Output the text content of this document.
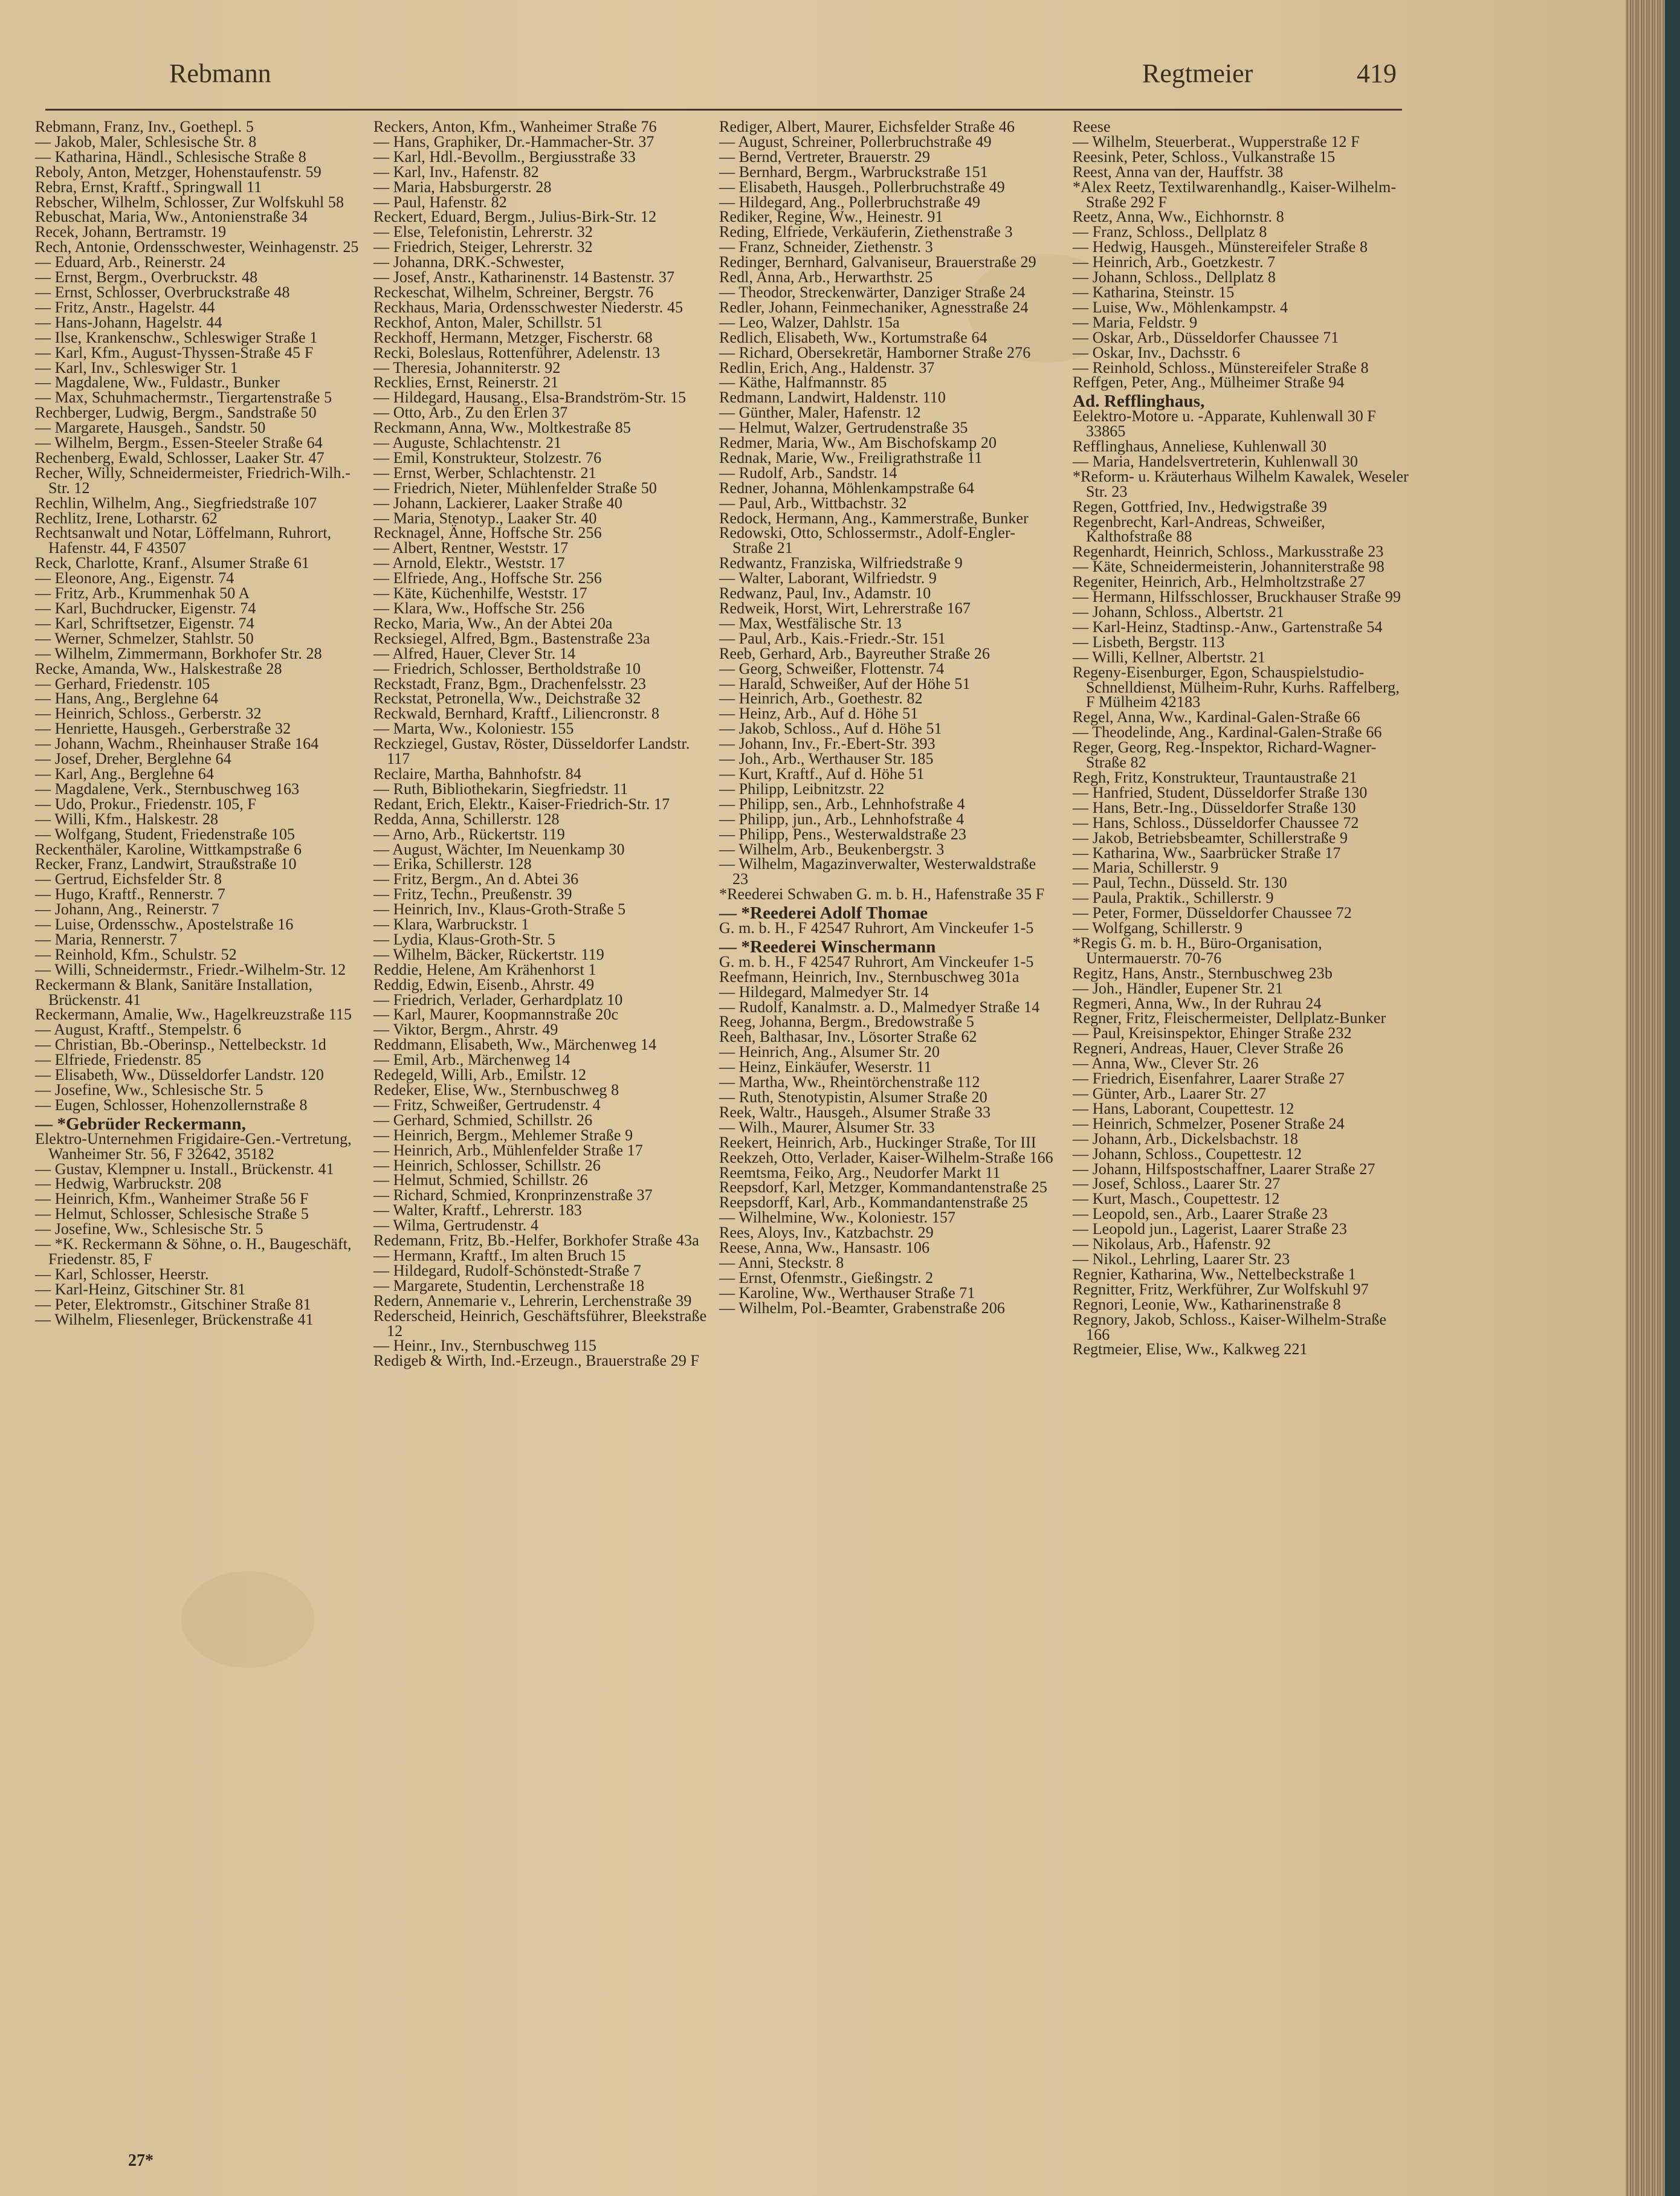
Rebmann	Regtmeier	419

Rebmann, Franz, Inv., Goethepl. 5

— Jakob, Maler, Schlesische Str. 8

— Katharina, Händl., Schlesische Straße 8

Reboly, Anton, Metzger, Hohenstaufenstr. 59

Rebra, Ernst, Kraftf., Springwall 11

Rebscher, Wilhelm, Schlosser, Zur Wolfskuhl 58

Rebuschat, Maria, Ww., Antonienstraße 34

Recek, Johann, Bertramstr. 19

Rech, Antonie, Ordensschwester, Weinhagenstr. 25

— Eduard, Arb., Reinerstr. 24

— Ernst, Bergm., Overbruckstr. 48

— Ernst, Schlosser, Overbruckstraße 48

— Fritz, Anstr., Hagelstr. 44

— Hans-Johann, Hagelstr. 44

— Ilse, Krankenschw., Schleswiger Straße 1

— Karl, Kfm., August-Thyssen-Straße 45 F

— Karl, Inv., Schleswiger Str. 1

— Magdalene, Ww., Fuldastr., Bunker

— Max, Schuhmachermstr., Tiergartenstraße 5

Rechberger, Ludwig, Bergm., Sandstraße 50

— Margarete, Hausgeh., Sandstr. 50

— Wilhelm, Bergm., Essen-Steeler Straße 64

Rechenberg, Ewald, Schlosser, Laaker Str. 47

Recher, Willy, Schneidermeister, Friedrich-Wilh.-Str. 12

Rechlin, Wilhelm, Ang., Siegfriedstraße 107

Rechlitz, Irene, Lotharstr. 62

Rechtsanwalt und Notar, Löffelmann, Ruhrort, Hafenstr. 44, F 43507

Reck, Charlotte, Kranf., Alsumer Straße 61

— Eleonore, Ang., Eigenstr. 74

— Fritz, Arb., Krummenhak 50 A

— Karl, Buchdrucker, Eigenstr. 74

— Karl, Schriftsetzer, Eigenstr. 74

— Werner, Schmelzer, Stahlstr. 50

— Wilhelm, Zimmermann, Borkhofer Str. 28

Recke, Amanda, Ww., Halskestraße 28

— Gerhard, Friedenstr. 105

— Hans, Ang., Berglehne 64

— Heinrich, Schloss., Gerberstr. 32

— Henriette, Hausgeh., Gerberstraße 32

— Johann, Wachm., Rheinhauser Straße 164

— Josef, Dreher, Berglehne 64

— Karl, Ang., Berglehne 64

— Magdalene, Verk., Sternbuschweg 163

— Udo, Prokur., Friedenstr. 105, F

— Willi, Kfm., Halskestr. 28

— Wolfgang, Student, Friedenstraße 105

Reckenthäler, Karoline, Wittkampstraße 6

Recker, Franz, Landwirt, Straußstraße 10

— Gertrud, Eichsfelder Str. 8

— Hugo, Kraftf., Rennerstr. 7

— Johann, Ang., Reinerstr. 7

— Luise, Ordensschw., Apostelstraße 16

— Maria, Rennerstr. 7

— Reinhold, Kfm., Schulstr. 52

— Willi, Schneidermstr., Friedr.-Wilhelm-Str. 12

Reckermann & Blank, Sanitäre Installation, Brückenstr. 41

Reckermann, Amalie, Ww., Hagelkreuzstraße 115

— August, Kraftf., Stempelstr. 6

— Christian, Bb.-Oberinsp., Nettelbeckstr. 1d

— Elfriede, Friedenstr. 85

— Elisabeth, Ww., Düsseldorfer Landstr. 120

— Josefine, Ww., Schlesische Str. 5

— Eugen, Schlosser, Hohenzollernstraße 8

— *Gebrüder Reckermann,

Elektro-Unternehmen Frigidaire-Gen.-Vertretung, Wanheimer Str. 56, F 32642, 35182

— Gustav, Klempner u. Install., Brückenstr. 41

— Hedwig, Warbruckstr. 208

— Heinrich, Kfm., Wanheimer Straße 56 F

— Helmut, Schlosser, Schlesische Straße 5

— Josefine, Ww., Schlesische Str. 5

— *K. Reckermann & Söhne, o. H., Baugeschäft, Friedenstr. 85, F

— Karl, Schlosser, Heerstr.

— Karl-Heinz, Gitschiner Str. 81

— Peter, Elektromstr., Gitschiner Straße 81

— Wilhelm, Fliesenleger, Brückenstraße 41

Reckers, Anton, Kfm., Wanheimer Straße 76

— Hans, Graphiker, Dr.-Hammacher-Str. 37

— Karl, Hdl.-Bevollm., Bergiusstraße 33

— Karl, Inv., Hafenstr. 82

— Maria, Habsburgerstr. 28

— Paul, Hafenstr. 82

Reckert, Eduard, Bergm., Julius-Birk-Str. 12

— Else, Telefonistin, Lehrerstr. 32

— Friedrich, Steiger, Lehrerstr. 32

— Johanna, DRK.-Schwester,

— Josef, Anstr., Katharinenstr. 14 Bastenstr. 37

Reckeschat, Wilhelm, Schreiner, Bergstr. 76

Reckhaus, Maria, Ordensschwester Niederstr. 45

Reckhof, Anton, Maler, Schillstr. 51

Reckhoff, Hermann, Metzger, Fischerstr. 68

Recki, Boleslaus, Rottenführer, Adelenstr. 13

— Theresia, Johanniterstr. 92

Recklies, Ernst, Reinerstr. 21

— Hildegard, Hausang., Elsa-Brandström-Str. 15

— Otto, Arb., Zu den Erlen 37

Reckmann, Anna, Ww., Moltkestraße 85

— Auguste, Schlachtenstr. 21

— Emil, Konstrukteur, Stolzestr. 76

— Ernst, Werber, Schlachtenstr. 21

— Friedrich, Nieter, Mühlenfelder Straße 50

— Johann, Lackierer, Laaker Straße 40

— Maria, Stenotyp., Laaker Str. 40

Recknagel, Änne, Hoffsche Str. 256

— Albert, Rentner, Weststr. 17

— Arnold, Elektr., Weststr. 17

— Elfriede, Ang., Hoffsche Str. 256

— Käte, Küchenhilfe, Weststr. 17

— Klara, Ww., Hoffsche Str. 256

Recko, Maria, Ww., An der Abtei 20a

Recksiegel, Alfred, Bgm., Bastenstraße 23a

— Alfred, Hauer, Clever Str. 14

— Friedrich, Schlosser, Bertholdstraße 10

Reckstadt, Franz, Bgm., Drachenfelsstr. 23

Reckstat, Petronella, Ww., Deichstraße 32

Reckwald, Bernhard, Kraftf., Liliencronstr. 8

— Marta, Ww., Koloniestr. 155

Reckziegel, Gustav, Röster, Düsseldorfer Landstr. 117

Reclaire, Martha, Bahnhofstr. 84

— Ruth, Bibliothekarin, Siegfriedstr. 11

Redant, Erich, Elektr., Kaiser-Friedrich-Str. 17

Redda, Anna, Schillerstr. 128

— Arno, Arb., Rückertstr. 119

— August, Wächter, Im Neuenkamp 30

— Erika, Schillerstr. 128

— Fritz, Bergm., An d. Abtei 36

— Fritz, Techn., Preußenstr. 39

— Heinrich, Inv., Klaus-Groth-Straße 5

— Klara, Warbruckstr. 1

— Lydia, Klaus-Groth-Str. 5

— Wilhelm, Bäcker, Rückertstr. 119

Reddie, Helene, Am Krähenhorst 1

Reddig, Edwin, Eisenb., Ahrstr. 49

— Friedrich, Verlader, Gerhardplatz 10

— Karl, Maurer, Koopmannstraße 20c

— Viktor, Bergm., Ahrstr. 49

Reddmann, Elisabeth, Ww., Märchenweg 14

— Emil, Arb., Märchenweg 14

Redegeld, Willi, Arb., Emilstr. 12

Redeker, Elise, Ww., Sternbuschweg 8

— Fritz, Schweißer, Gertrudenstr. 4

— Gerhard, Schmied, Schillstr. 26

— Heinrich, Bergm., Mehlemer Straße 9

— Heinrich, Arb., Mühlenfelder Straße 17

— Heinrich, Schlosser, Schillstr. 26

— Helmut, Schmied, Schillstr. 26

— Richard, Schmied, Kronprinzenstraße 37

— Walter, Kraftf., Lehrerstr. 183

— Wilma, Gertrudenstr. 4

Redemann, Fritz, Bb.-Helfer, Borkhofer Straße 43a

— Hermann, Kraftf., Im alten Bruch 15

— Hildegard, Rudolf-Schönstedt-Straße 7

— Margarete, Studentin, Lerchenstraße 18

Redern, Annemarie v., Lehrerin, Lerchenstraße 39

Rederscheid, Heinrich, Geschäftsführer, Bleekstraße 12

— Heinr., Inv., Sternbuschweg 115

Redigeb & Wirth, Ind.-Erzeugn., Brauerstraße 29 F

Rediger, Albert, Maurer, Eichsfelder Straße 46

— August, Schreiner, Pollerbruchstraße 49

— Bernd, Vertreter, Brauerstr. 29

— Bernhard, Bergm., Warbruckstraße 151

— Elisabeth, Hausgeh., Pollerbruchstraße 49

— Hildegard, Ang., Pollerbruchstraße 49

Rediker, Regine, Ww., Heinestr. 91

Reding, Elfriede, Verkäuferin, Ziethenstraße 3

— Franz, Schneider, Ziethenstr. 3

Redinger, Bernhard, Galvaniseur, Brauerstraße 29

Redl, Anna, Arb., Herwarthstr. 25

— Theodor, Streckenwärter, Danziger Straße 24

Redler, Johann, Feinmechaniker, Agnesstraße 24

— Leo, Walzer, Dahlstr. 15a

Redlich, Elisabeth, Ww., Kortumstraße 64

— Richard, Obersekretär, Hamborner Straße 276

Redlin, Erich, Ang., Haldenstr. 37

— Käthe, Halfmannstr. 85

Redmann, Landwirt, Haldenstr. 110

— Günther, Maler, Hafenstr. 12

— Helmut, Walzer, Gertrudenstraße 35

Redmer, Maria, Ww., Am Bischofskamp 20

Rednak, Marie, Ww., Freiligrathstraße 11

— Rudolf, Arb., Sandstr. 14

Redner, Johanna, Möhlenkampstraße 64

— Paul, Arb., Wittbachstr. 32

Redock, Hermann, Ang., Kammerstraße, Bunker

Redowski, Otto, Schlossermstr., Adolf-Engler-Straße 21

Redwantz, Franziska, Wilfriedstraße 9

— Walter, Laborant, Wilfriedstr. 9

Redwanz, Paul, Inv., Adamstr. 10

Redweik, Horst, Wirt, Lehrerstraße 167

— Max, Westfälische Str. 13

— Paul, Arb., Kais.-Friedr.-Str. 151

Reeb, Gerhard, Arb., Bayreuther Straße 26

— Georg, Schweißer, Flottenstr. 74

— Harald, Schweißer, Auf der Höhe 51

— Heinrich, Arb., Goethestr. 82

— Heinz, Arb., Auf d. Höhe 51

— Jakob, Schloss., Auf d. Höhe 51

— Johann, Inv., Fr.-Ebert-Str. 393

— Joh., Arb., Werthauser Str. 185

— Kurt, Kraftf., Auf d. Höhe 51

— Philipp, Leibnitzstr. 22

— Philipp, sen., Arb., Lehnhofstraße 4

— Philipp, jun., Arb., Lehnhofstraße 4

— Philipp, Pens., Westerwaldstraße 23

— Wilhelm, Arb., Beukenbergstr. 3

— Wilhelm, Magazinverwalter, Westerwaldstraße 23

*Reederei Schwaben G. m. b. H., Hafenstraße 35 F

— *Reederei Adolf Thomae

G. m. b. H., F 42547 Ruhrort, Am Vinckeufer 1-5

— *Reederei Winschermann

G. m. b. H., F 42547 Ruhrort, Am Vinckeufer 1-5

Reefmann, Heinrich, Inv., Sternbuschweg 301a

— Hildegard, Malmedyer Str. 14

— Rudolf, Kanalmstr. a. D., Malmedyer Straße 14

Reeg, Johanna, Bergm., Bredowstraße 5

Reeh, Balthasar, Inv., Lösorter Straße 62

— Heinrich, Ang., Alsumer Str. 20

— Heinz, Einkäufer, Weserstr. 11

— Martha, Ww., Rheintörchenstraße 112

— Ruth, Stenotypistin, Alsumer Straße 20

Reek, Waltr., Hausgeh., Alsumer Straße 33

— Wilh., Maurer, Alsumer Str. 33

Reekert, Heinrich, Arb., Huckinger Straße, Tor III

Reekzeh, Otto, Verlader, Kaiser-Wilhelm-Straße 166

Reemtsma, Feiko, Arg., Neudorfer Markt 11

Reepsdorf, Karl, Metzger, Kommandantenstraße 25

Reepsdorff, Karl, Arb., Kommandantenstraße 25

— Wilhelmine, Ww., Koloniestr. 157

Rees, Aloys, Inv., Katzbachstr. 29

Reese, Anna, Ww., Hansastr. 106

— Anni, Steckstr. 8

— Ernst, Ofenmstr., Gießingstr. 2

— Karoline, Ww., Werthauser Straße 71

— Wilhelm, Pol.-Beamter, Grabenstraße 206

Reese

— Wilhelm, Steuerberat., Wupperstraße 12 F

Reesink, Peter, Schloss., Vulkanstraße 15

Reest, Anna van der, Hauffstr. 38

*Alex Reetz, Textilwarenhandlg., Kaiser-Wilhelm-Straße 292 F

Reetz, Anna, Ww., Eichhornstr. 8

— Franz, Schloss., Dellplatz 8

— Hedwig, Hausgeh., Münstereifeler Straße 8

— Heinrich, Arb., Goetzkestr. 7

— Johann, Schloss., Dellplatz 8

— Katharina, Steinstr. 15

— Luise, Ww., Möhlenkampstr. 4

— Maria, Feldstr. 9

— Oskar, Arb., Düsseldorfer Chaussee 71

— Oskar, Inv., Dachsstr. 6

— Reinhold, Schloss., Münstereifeler Straße 8

Reffgen, Peter, Ang., Mülheimer Straße 94

Ad. Refflinghaus,

Eelektro-Motore u. -Apparate, Kuhlenwall 30 F 33865

Refflinghaus, Anneliese, Kuhlenwall 30

— Maria, Handelsvertreterin, Kuhlenwall 30

*Reform- u. Kräuterhaus Wilhelm Kawalek, Weseler Str. 23

Regen, Gottfried, Inv., Hedwigstraße 39

Regenbrecht, Karl-Andreas, Schweißer, Kalthofstraße 88

Regenhardt, Heinrich, Schloss., Markusstraße 23

— Käte, Schneidermeisterin, Johanniterstraße 98

Regeniter, Heinrich, Arb., Helmholtzstraße 27

— Hermann, Hilfsschlosser, Bruckhauser Straße 99

— Johann, Schloss., Albertstr. 21

— Karl-Heinz, Stadtinsp.-Anw., Gartenstraße 54

— Lisbeth, Bergstr. 113

— Willi, Kellner, Albertstr. 21

Regeny-Eisenburger, Egon, Schauspielstudio-Schnelldienst, Mülheim-Ruhr, Kurhs. Raffelberg, F Mülheim 42183

Regel, Anna, Ww., Kardinal-Galen-Straße 66

— Theodelinde, Ang., Kardinal-Galen-Straße 66

Reger, Georg, Reg.-Inspektor, Richard-Wagner-Straße 82

Regh, Fritz, Konstrukteur, Trauntaustraße 21

— Hanfried, Student, Düsseldorfer Straße 130

— Hans, Betr.-Ing., Düsseldorfer Straße 130

— Hans, Schloss., Düsseldorfer Chaussee 72

— Jakob, Betriebsbeamter, Schillerstraße 9

— Katharina, Ww., Saarbrücker Straße 17

— Maria, Schillerstr. 9

— Paul, Techn., Düsseld. Str. 130

— Paula, Praktik., Schillerstr. 9

— Peter, Former, Düsseldorfer Chaussee 72

— Wolfgang, Schillerstr. 9

*Regis G. m. b. H., Büro-Organisation, Untermauerstr. 70-76

Regitz, Hans, Anstr., Sternbuschweg 23b

— Joh., Händler, Eupener Str. 21

Regmeri, Anna, Ww., In der Ruhrau 24

Regner, Fritz, Fleischermeister, Dellplatz-Bunker

— Paul, Kreisinspektor, Ehinger Straße 232

Regneri, Andreas, Hauer, Clever Straße 26

— Anna, Ww., Clever Str. 26

— Friedrich, Eisenfahrer, Laarer Straße 27

— Günter, Arb., Laarer Str. 27

— Hans, Laborant, Coupettestr. 12

— Heinrich, Schmelzer, Posener Straße 24

— Johann, Arb., Dickelsbachstr. 18

— Johann, Schloss., Coupettestr. 12

— Johann, Hilfspostschaffner, Laarer Straße 27

— Josef, Schloss., Laarer Str. 27

— Kurt, Masch., Coupettestr. 12

— Leopold, sen., Arb., Laarer Straße 23

— Leopold jun., Lagerist, Laarer Straße 23

— Nikolaus, Arb., Hafenstr. 92

— Nikol., Lehrling, Laarer Str. 23

Regnier, Katharina, Ww., Nettelbeckstraße 1

Regnitter, Fritz, Werkführer, Zur Wolfskuhl 97

Regnori, Leonie, Ww., Katharinenstraße 8

Regnory, Jakob, Schloss., Kaiser-Wilhelm-Straße 166

Regtmeier, Elise, Ww., Kalkweg 221

27*
